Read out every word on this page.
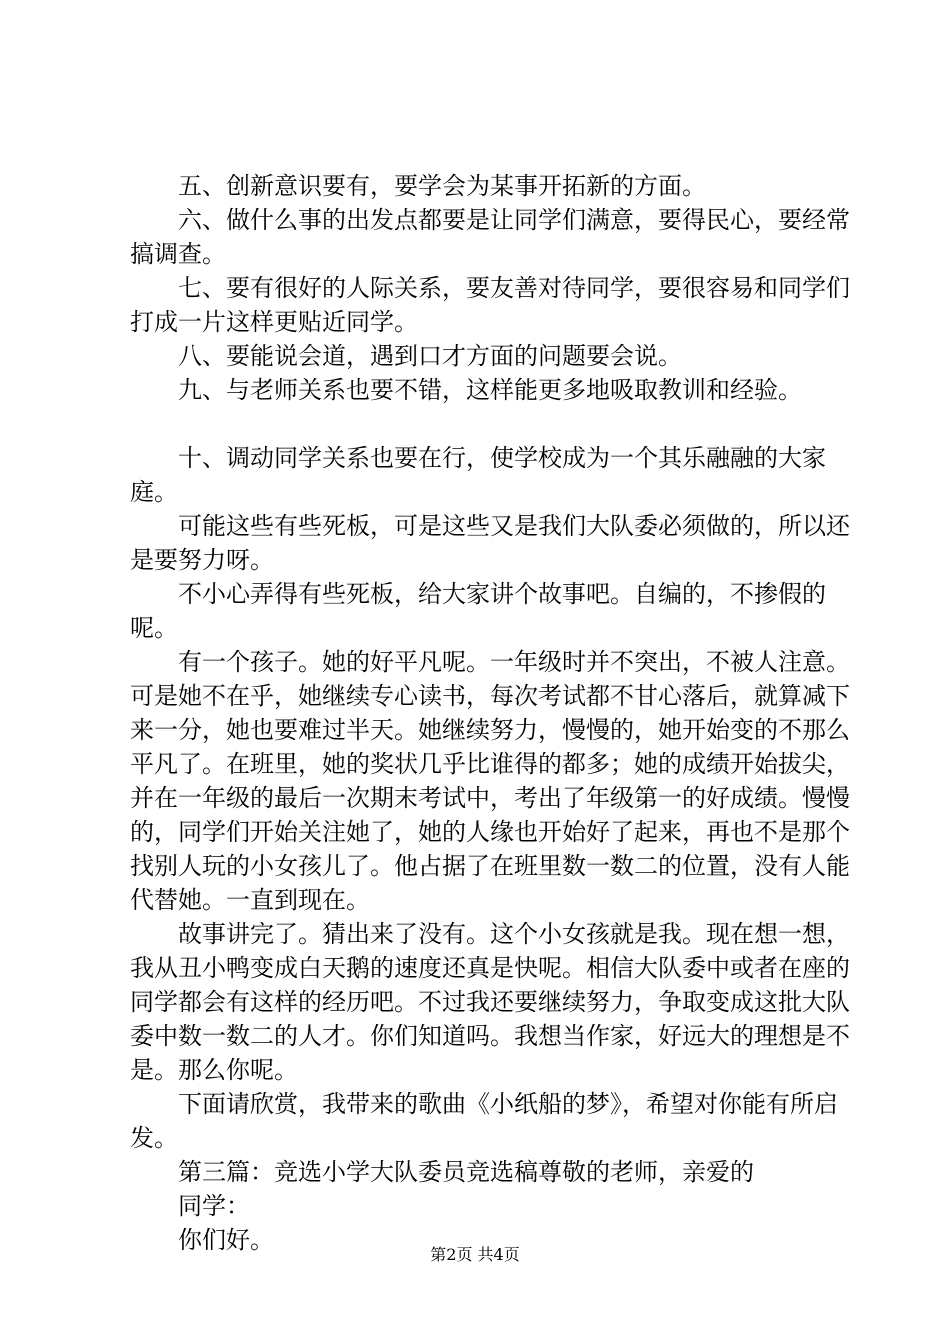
五、创新意识要有，要学会为某事开拓新的方面。

六、做什么事的出发点都要是让同学们满意，要得民心，要经常搞调查。

七、要有很好的人际关系，要友善对待同学，要很容易和同学们打成一片这样更贴近同学。

八、要能说会道，遇到口才方面的问题要会说。

九、与老师关系也要不错，这样能更多地吸取教训和经验。

十、调动同学关系也要在行，使学校成为一个其乐融融的大家庭。

可能这些有些死板，可是这些又是我们大队委必须做的，所以还是要努力呀。

不小心弄得有些死板，给大家讲个故事吧。自编的，不掺假的呢。

有一个孩子。她的好平凡呢。一年级时并不突出，不被人注意。可是她不在乎，她继续专心读书，每次考试都不甘心落后，就算减下来一分，她也要难过半天。她继续努力，慢慢的，她开始变的不那么平凡了。在班里，她的奖状几乎比谁得的都多；她的成绩开始拔尖，并在一年级的最后一次期末考试中，考出了年级第一的好成绩。慢慢的，同学们开始关注她了，她的人缘也开始好了起来，再也不是那个找别人玩的小女孩儿了。他占据了在班里数一数二的位置，没有人能代替她。一直到现在。

故事讲完了。猜出来了没有。这个小女孩就是我。现在想一想，我从丑小鸭变成白天鹅的速度还真是快呢。相信大队委中或者在座的同学都会有这样的经历吧。不过我还要继续努力，争取变成这批大队委中数一数二的人才。你们知道吗。我想当作家，好远大的理想是不是。那么你呢。

下面请欣赏，我带来的歌曲《小纸船的梦》，希望对你能有所启发。

第三篇：竞选小学大队委员竞选稿尊敬的老师，亲爱的

同学：

你们好。

第2页 共4页
